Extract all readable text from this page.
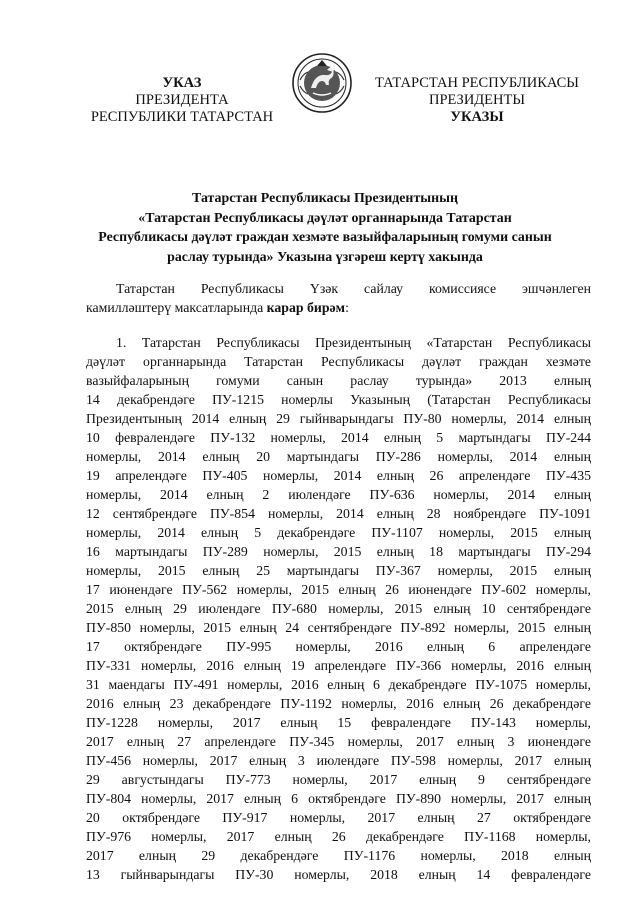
УКАЗ
ПРЕЗИДЕНТА
РЕСПУБЛИКИ ТАТАРСТАН
ТАТАРСТАН РЕСПУБЛИКАСЫ
ПРЕЗИДЕНТЫ
УКАЗЫ
Татарстан Республикасы Президентының
«Татарстан Республикасы дәүләт органнарында Татарстан
Республикасы дәүләт граждан хезмәте вазыйфаларының гомуми санын
раслау турында» Указына үзгәреш кертү хакында
Татарстан Республикасы Үзәк сайлау комиссиясе эшчәнлеген
камилләштерү максатларында карар бирәм:
1. Татарстан Республикасы Президентының «Татарстан Республикасы
дәүләт органнарында Татарстан Республикасы дәүләт граждан хезмәте
вазыйфаларының гомуми санын раслау турында» 2013 елның
14 декабрендәге ПУ-1215 номерлы Указының (Татарстан Республикасы
Президентының 2014 елның 29 гыйнварындагы ПУ-80 номерлы, 2014 елның
10 февралендәге ПУ-132 номерлы, 2014 елның 5 мартындагы ПУ-244
номерлы, 2014 елның 20 мартындагы ПУ-286 номерлы, 2014 елның
19 апрелендәге ПУ-405 номерлы, 2014 елның 26 апрелендәге ПУ-435
номерлы, 2014 елның 2 июлендәге ПУ-636 номерлы, 2014 елның
12 сентябрендәге ПУ-854 номерлы, 2014 елның 28 ноябрендәге ПУ-1091
номерлы, 2014 елның 5 декабрендәге ПУ-1107 номерлы, 2015 елның
16 мартындагы ПУ-289 номерлы, 2015 елның 18 мартындагы ПУ-294
номерлы, 2015 елның 25 мартындагы ПУ-367 номерлы, 2015 елның
17 июнендәге ПУ-562 номерлы, 2015 елның 26 июнендәге ПУ-602 номерлы,
2015 елның 29 июлендәге ПУ-680 номерлы, 2015 елның 10 сентябрендәге
ПУ-850 номерлы, 2015 елның 24 сентябрендәге ПУ-892 номерлы, 2015 елның
17 октябрендәге ПУ-995 номерлы, 2016 елның 6 апрелендәге
ПУ-331 номерлы, 2016 елның 19 апрелендәге ПУ-366 номерлы, 2016 елның
31 маендагы ПУ-491 номерлы, 2016 елның 6 декабрендәге ПУ-1075 номерлы,
2016 елның 23 декабрендәге ПУ-1192 номерлы, 2016 елның 26 декабрендәге
ПУ-1228 номерлы, 2017 елның 15 февралендәге ПУ-143 номерлы,
2017 елның 27 апрелендәге ПУ-345 номерлы, 2017 елның 3 июнендәге
ПУ-456 номерлы, 2017 елның 3 июлендәге ПУ-598 номерлы, 2017 елның
29 августындагы ПУ-773 номерлы, 2017 елның 9 сентябрендәге
ПУ-804 номерлы, 2017 елның 6 октябрендәге ПУ-890 номерлы, 2017 елның
20 октябрендәге ПУ-917 номерлы, 2017 елның 27 октябрендәге
ПУ-976 номерлы, 2017 елның 26 декабрендәге ПУ-1168 номерлы,
2017 елның 29 декабрендәге ПУ-1176 номерлы, 2018 елның
13 гыйнварындагы ПУ-30 номерлы, 2018 елның 14 февралендәге
